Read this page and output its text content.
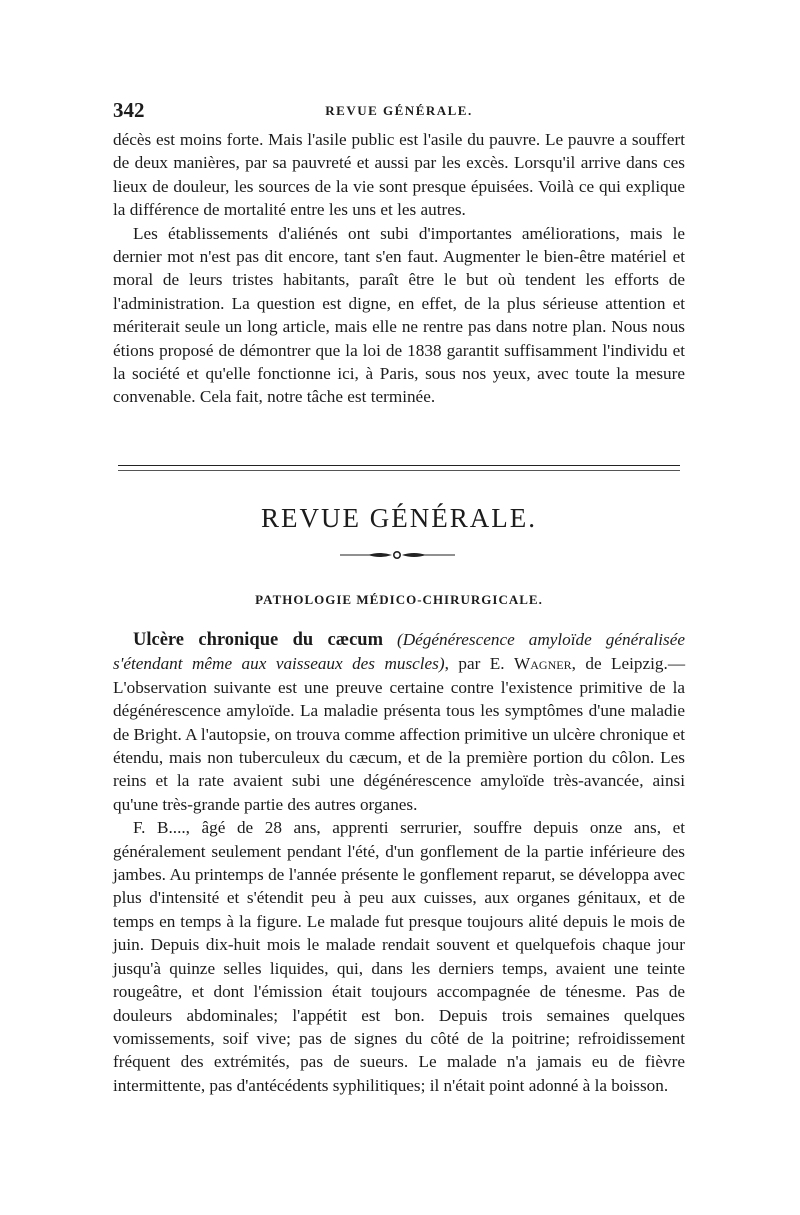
342	REVUE GÉNÉRALE.

décès est moins forte. Mais l'asile public est l'asile du pauvre. Le pauvre a souffert de deux manières, par sa pauvreté et aussi par les excès. Lorsqu'il arrive dans ces lieux de douleur, les sources de la vie sont presque épuisées. Voilà ce qui explique la différence de mortalité entre les uns et les autres.

Les établissements d'aliénés ont subi d'importantes améliorations, mais le dernier mot n'est pas dit encore, tant s'en faut. Augmenter le bien-être matériel et moral de leurs tristes habitants, paraît être le but où tendent les efforts de l'administration. La question est digne, en effet, de la plus sérieuse attention et mériterait seule un long article, mais elle ne rentre pas dans notre plan. Nous nous étions proposé de démontrer que la loi de 1838 garantit suffisamment l'individu et la société et qu'elle fonctionne ici, à Paris, sous nos yeux, avec toute la mesure convenable. Cela fait, notre tâche est terminée.

REVUE GÉNÉRALE.
PATHOLOGIE MÉDICO-CHIRURGICALE.

Ulcère chronique du cæcum (Dégénérescence amyloïde généralisée s'étendant même aux vaisseaux des muscles), par E. Wagner, de Leipzig.— L'observation suivante est une preuve certaine contre l'existence primitive de la dégénérescence amyloïde. La maladie présenta tous les symptômes d'une maladie de Bright. A l'autopsie, on trouva comme affection primitive un ulcère chronique et étendu, mais non tuberculeux du cæcum, et de la première portion du côlon. Les reins et la rate avaient subi une dégénérescence amyloïde très-avancée, ainsi qu'une très-grande partie des autres organes.

F. B...., âgé de 28 ans, apprenti serrurier, souffre depuis onze ans, et généralement seulement pendant l'été, d'un gonflement de la partie inférieure des jambes. Au printemps de l'année présente le gonflement reparut, se développa avec plus d'intensité et s'étendit peu à peu aux cuisses, aux organes génitaux, et de temps en temps à la figure. Le malade fut presque toujours alité depuis le mois de juin. Depuis dix-huit mois le malade rendait souvent et quelquefois chaque jour jusqu'à quinze selles liquides, qui, dans les derniers temps, avaient une teinte rougeâtre, et dont l'émission était toujours accompagnée de ténesme. Pas de douleurs abdominales; l'appétit est bon. Depuis trois semaines quelques vomissements, soif vive; pas de signes du côté de la poitrine; refroidissement fréquent des extrémités, pas de sueurs. Le malade n'a jamais eu de fièvre intermittente, pas d'antécédents syphilitiques; il n'était point adonné à la boisson.
